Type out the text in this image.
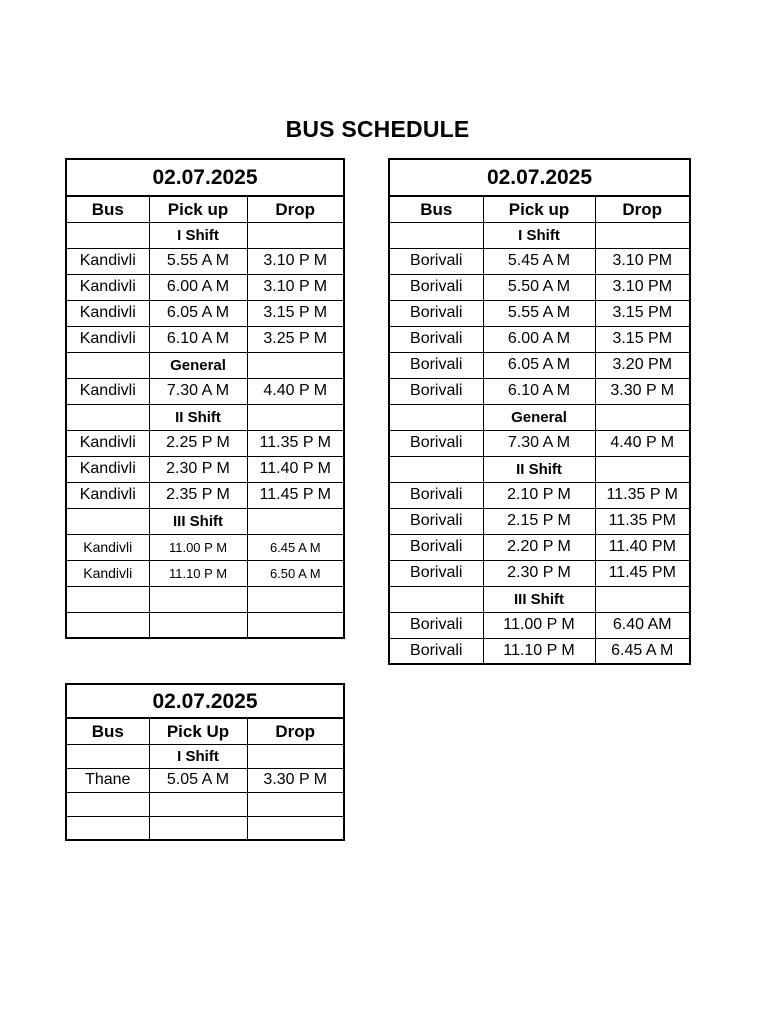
BUS SCHEDULE
02.07.2025		
Bus	Pick up	Drop
	I Shift	
Kandivli	5.55 A M	3.10 P M
Kandivli	6.00 A M	3.10 P M
Kandivli	6.05 A M	3.15 P M
Kandivli	6.10 A M	3.25 P M
	General	
Kandivli	7.30 A M	4.40 P M
	II Shift	
Kandivli	2.25 P M	11.35 P M
Kandivli	2.30 P M	11.40 P M
Kandivli	2.35 P M	11.45 P M
	III Shift	
Kandivli	11.00 P M	6.45 A M
Kandivli	11.10 P M	6.50 A M

02.07.2025		
Bus	Pick up	Drop
	I Shift	
Borivali	5.45 A M	3.10 PM
Borivali	5.50 A M	3.10 PM
Borivali	5.55 A M	3.15 PM
Borivali	6.00 A M	3.15 PM
Borivali	6.05 A M	3.20 PM
Borivali	6.10 A M	3.30 P M
	General	
Borivali	7.30 A M	4.40 P M
	II Shift	
Borivali	2.10 P M	11.35 P M
Borivali	2.15 P M	11.35 PM
Borivali	2.20 P M	11.40 PM
Borivali	2.30 P M	11.45 PM
	III Shift	
Borivali	11.00 P M	6.40 AM
Borivali	11.10 P M	6.45 A M
02.07.2025		
Bus	Pick Up	Drop
	I Shift	
Thane	5.05 A M	3.30 P M
